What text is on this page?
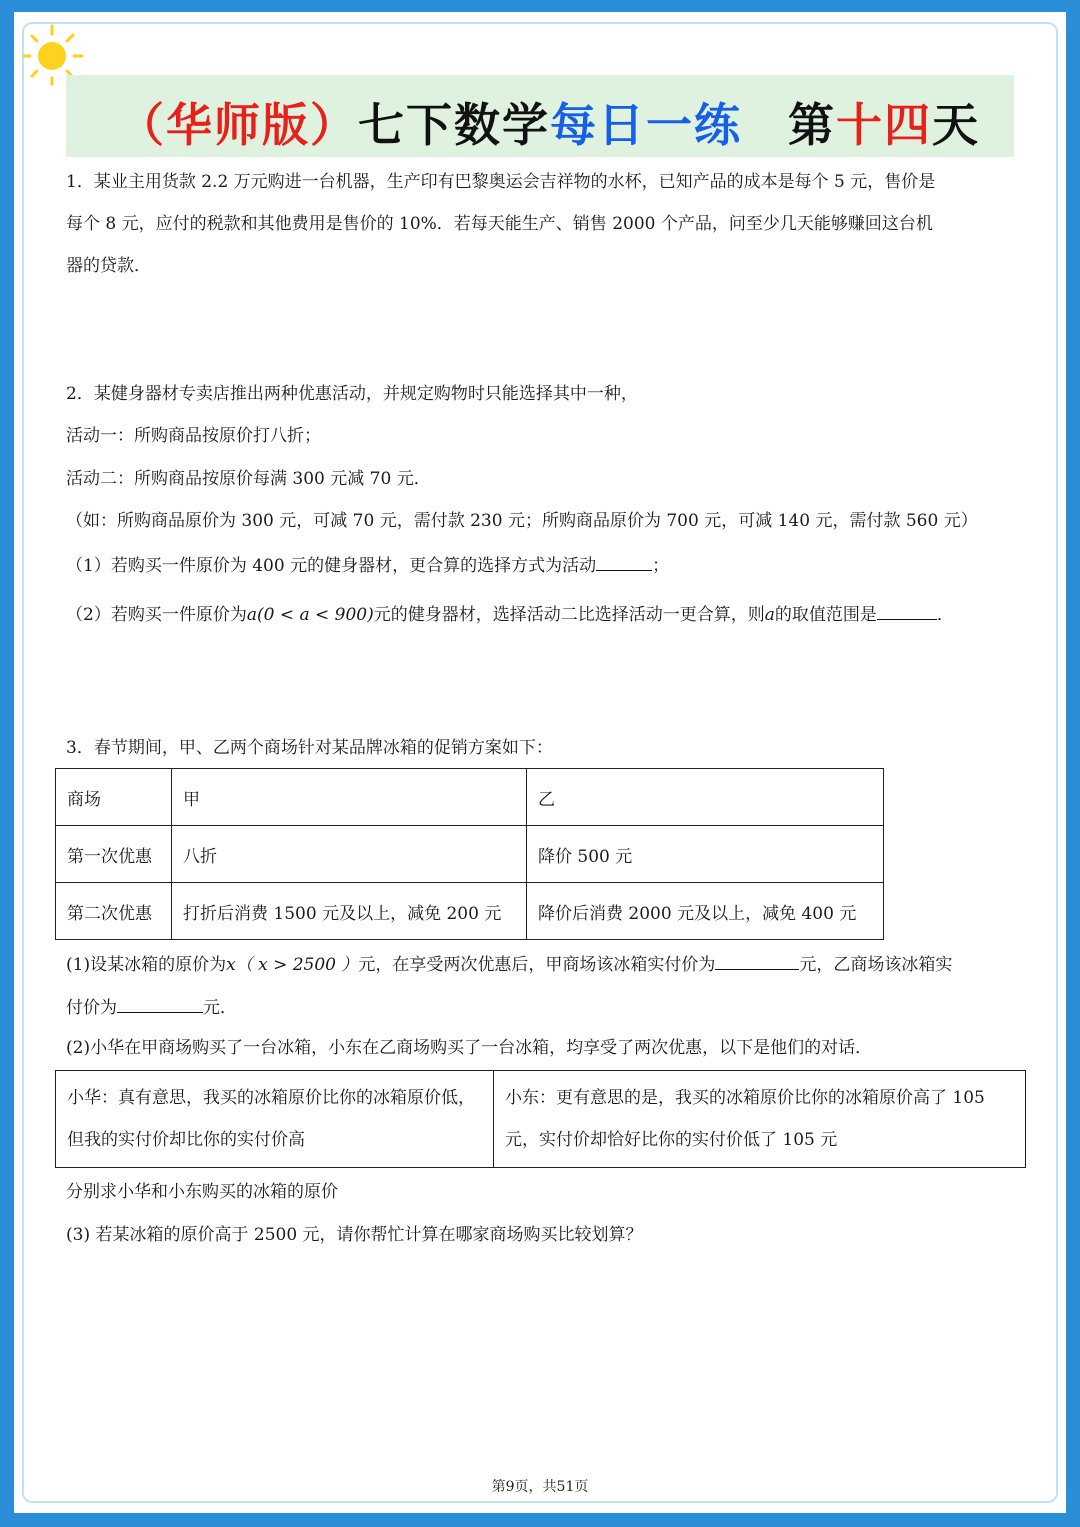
（华师版）七下数学每日一练 第十四天
1．某业主用货款 2.2 万元购进一台机器，生产印有巴黎奥运会吉祥物的水杯，已知产品的成本是每个 5 元，售价是
每个 8 元，应付的税款和其他费用是售价的 10%．若每天能生产、销售 2000 个产品，问至少几天能够赚回这台机
器的贷款．
2．某健身器材专卖店推出两种优惠活动，并规定购物时只能选择其中一种，
活动一：所购商品按原价打八折；
活动二：所购商品按原价每满 300 元减 70 元．
（如：所购商品原价为 300 元，可减 70 元，需付款 230 元；所购商品原价为 700 元，可减 140 元，需付款 560 元）
（1）若购买一件原价为 400 元的健身器材，更合算的选择方式为活动	；
（2）若购买一件原价为a(0 < a < 900)元的健身器材，选择活动二比选择活动一更合算，则a的取值范围是	．
3．春节期间，甲、乙两个商场针对某品牌冰箱的促销方案如下：
商场	甲	乙
第一次优惠	八折	降价 500 元
第二次优惠	打折后消费 1500 元及以上，减免 200 元	降价后消费 2000 元及以上，减免 400 元
(1)设某冰箱的原价为x（ x > 2500 ）元，在享受两次优惠后，甲商场该冰箱实付价为	元，乙商场该冰箱实
付价为	元．
(2)小华在甲商场购买了一台冰箱，小东在乙商场购买了一台冰箱，均享受了两次优惠，以下是他们的对话．
小华：真有意思，我买的冰箱原价比你的冰箱原价低，但我的实付价却比你的实付价高	小东：更有意思的是，我买的冰箱原价比你的冰箱原价高了 105 元，实付价却恰好比你的实付价低了 105 元
分别求小华和小东购买的冰箱的原价
(3) 若某冰箱的原价高于 2500 元，请你帮忙计算在哪家商场购买比较划算？
第9页，共51页
